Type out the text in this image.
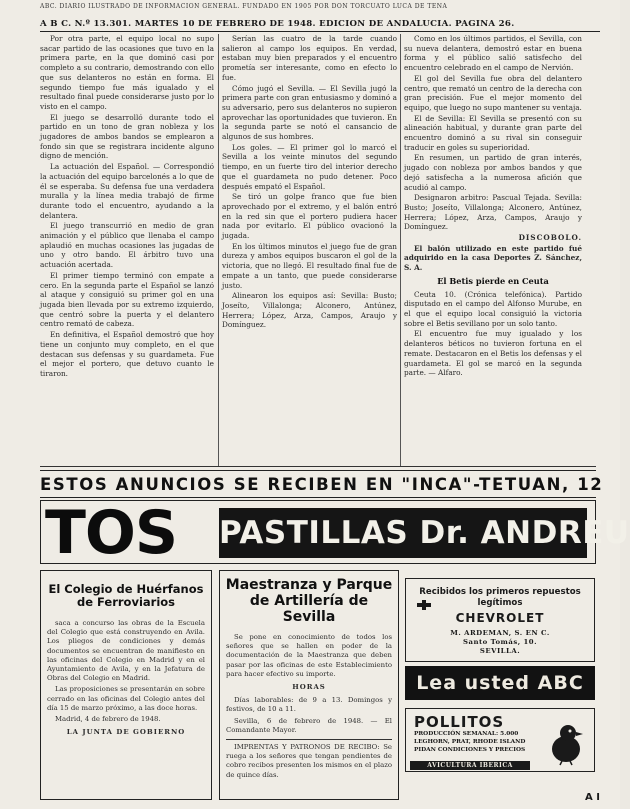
ABC. DIARIO ILUSTRADO DE INFORMACION GENERAL. FUNDADO EN 1905 POR DON TORCUATO LUCA DE TENA
A B C. N.º 13.301. MARTES 10 DE FEBRERO DE 1948. EDICION DE ANDALUCIA. PAGINA 26.

Por otra parte, el equipo local no supo sacar partido de las ocasiones que tuvo en la primera parte, en la que dominó casi por completo a su contrario, demostrando con ello que sus delanteros no están en forma. El segundo tiempo fue más igualado y el resultado final puede considerarse justo por lo visto en el campo.

El juego se desarrolló durante todo el partido en un tono de gran nobleza y los jugadores de ambos bandos se emplearon a fondo sin que se registrara incidente alguno digno de mención.

La actuación del Español. — Correspondió la actuación del equipo barcelonés a lo que de él se esperaba. Su defensa fue una verdadera muralla y la línea media trabajó de firme durante todo el encuentro, ayudando a la delantera.

El juego transcurrió en medio de gran animación y el público que llenaba el campo aplaudió en muchas ocasiones las jugadas de uno y otro bando. El árbitro tuvo una actuación acertada.

El primer tiempo terminó con empate a cero. En la segunda parte el Español se lanzó al ataque y consiguió su primer gol en una jugada bien llevada por su extremo izquierdo, que centró sobre la puerta y el delantero centro remató de cabeza.

En definitiva, el Español demostró que hoy tiene un conjunto muy completo, en el que destacan sus defensas y su guardameta. Fue el mejor el portero, que detuvo cuanto le tiraron.

Serían las cuatro de la tarde cuando salieron al campo los equipos. En verdad, estaban muy bien preparados y el encuentro prometía ser interesante, como en efecto lo fue.

Cómo jugó el Sevilla. — El Sevilla jugó la primera parte con gran entusiasmo y dominó a su adversario, pero sus delanteros no supieron aprovechar las oportunidades que tuvieron. En la segunda parte se notó el cansancio de algunos de sus hombres.

Los goles. — El primer gol lo marcó el Sevilla a los veinte minutos del segundo tiempo, en un fuerte tiro del interior derecho que el guardameta no pudo detener. Poco después empató el Español.

Se tiró un golpe franco que fue bien aprovechado por el extremo, y el balón entró en la red sin que el portero pudiera hacer nada por evitarlo. El público ovacionó la jugada.

En los últimos minutos el juego fue de gran dureza y ambos equipos buscaron el gol de la victoria, que no llegó. El resultado final fue de empate a un tanto, que puede considerarse justo.

Alinearon los equipos así: Sevilla: Busto; Joseíto, Villalonga; Alconero, Antúnez, Herrera; López, Arza, Campos, Araujo y Domínguez.

Como en los últimos partidos, el Sevilla, con su nueva delantera, demostró estar en buena forma y el público salió satisfecho del encuentro celebrado en el campo de Nervión.

El gol del Sevilla fue obra del delantero centro, que remató un centro de la derecha con gran precisión. Fue el mejor momento del equipo, que luego no supo mantener su ventaja.

El de Sevilla: El Sevilla se presentó con su alineación habitual, y durante gran parte del encuentro dominó a su rival sin conseguir traducir en goles su superioridad.

En resumen, un partido de gran interés, jugado con nobleza por ambos bandos y que dejó satisfecha a la numerosa afición que acudió al campo.

Designaron arbitro: Pascual Tejada. Sevilla: Busto; Joseíto, Villalonga; Alconero, Antúnez, Herrera; López, Arza, Campos, Araujo y Domínguez.

DISCOBOLO.

El balón utilizado en este partido fué adquirido en la casa Deportes Z. Sánchez, S. A.

El Betis pierde en Ceuta

Ceuta 10. (Crónica telefónica). Partido disputado en el campo del Alfonso Murube, en el que el equipo local consiguió la victoria sobre el Betis sevillano por un solo tanto.

El encuentro fue muy igualado y los delanteros béticos no tuvieron fortuna en el remate. Destacaron en el Betis los defensas y el guardameta. El gol se marcó en la segunda parte. — Alfaro.

ESTOS ANUNCIOS SE RECIBEN EN "INCA"-TETUAN, 12
TOS PASTILLAS Dr. ANDREU
El Colegio de Huérfanos de Ferroviarios

saca a concurso las obras de la Escuela del Colegio que está construyendo en Avila. Los pliegos de condiciones y demás documentos se encuentran de manifiesto en las oficinas del Colegio en Madrid y en el Ayuntamiento de Avila, y en la Jefatura de Obras del Colegio en Madrid.

Las proposiciones se presentarán en sobre cerrado en las oficinas del Colegio antes del día 15 de marzo próximo, a las doce horas.

Madrid, 4 de febrero de 1948.

LA JUNTA DE GOBIERNO

Maestranza y Parque de Artillería de Sevilla

Se pone en conocimiento de todos los señores que se hallen en poder de la documentación de la Maestranza que deben pasar por las oficinas de este Establecimiento para hacer efectivo su importe.

HORAS

Días laborables: de 9 a 13. Domingos y festivos, de 10 a 11.

Sevilla, 6 de febrero de 1948. — El Comandante Mayor.

IMPRENTAS Y PATRONOS DE RECIBO: Se ruega a los señores que tengan pendientes de cobro recibos presenten los mismos en el plazo de quince días.

Recibidos los primeros repuestos legítimos
CHEVROLET
M. ARDEMAN, S. EN C.
Santo Tomás, 10.
SEVILLA.
Lea usted ABC
POLLITOS
PRODUCCIÓN SEMANAL: 5.000
LEGHORN, PRAT, RHODE ISLAND
PIDAN CONDICIONES Y PRECIOS
AVICULTURA IBERICA
A I
